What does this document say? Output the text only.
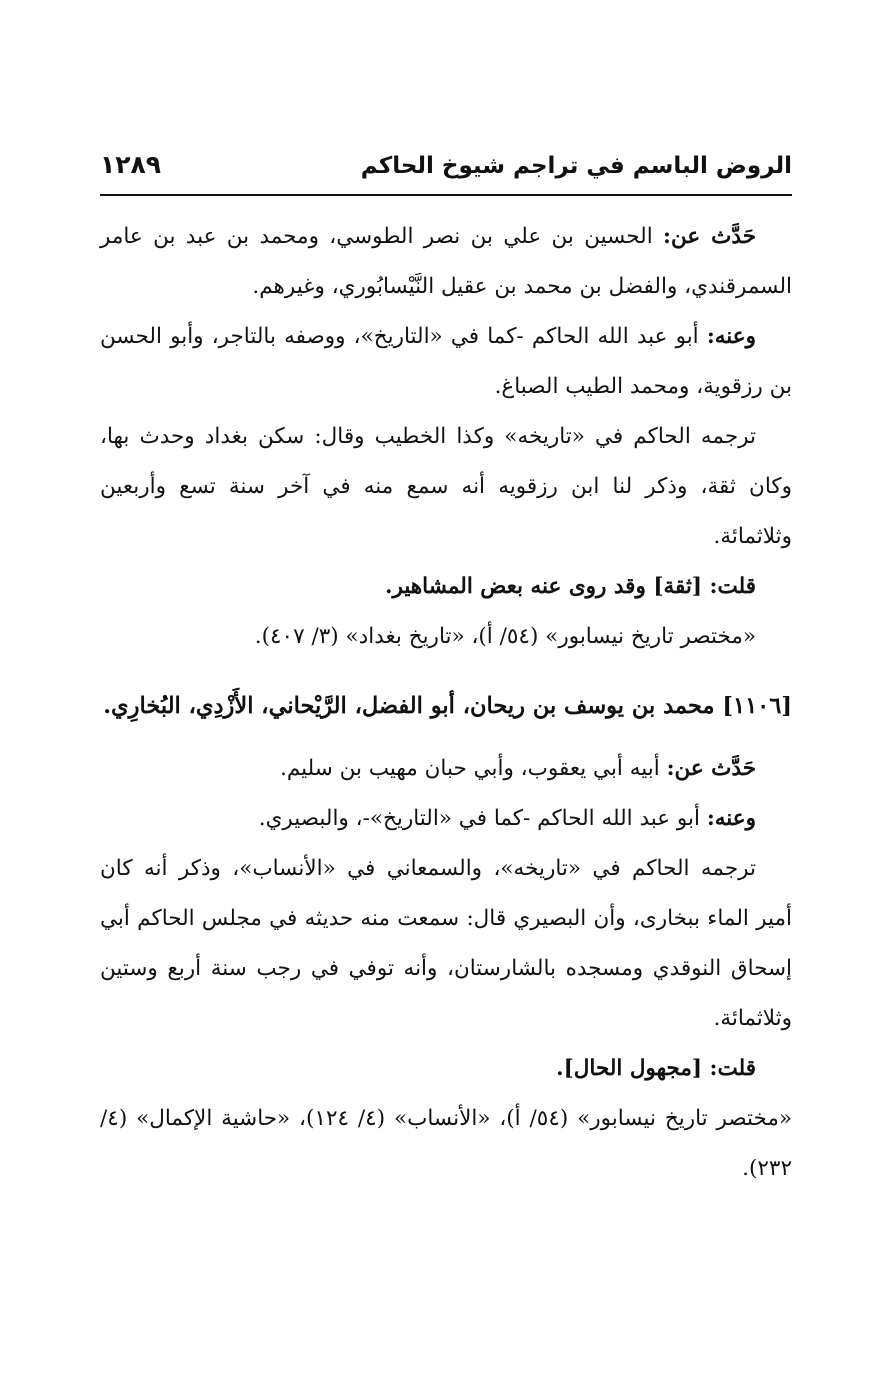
الروض الباسم في تراجم شيوخ الحاكم
١٢٨٩

حَدَّث عن: الحسين بن علي بن نصر الطوسي، ومحمد بن عبد بن عامر السمرقندي، والفضل بن محمد بن عقيل النَّيْسابُوري، وغيرهم.

وعنه: أبو عبد الله الحاكم -كما في «التاريخ»، ووصفه بالتاجر، وأبو الحسن بن رزقوية، ومحمد الطيب الصباغ.

ترجمه الحاكم في «تاريخه» وكذا الخطيب وقال: سكن بغداد وحدث بها، وكان ثقة، وذكر لنا ابن رزقويه أنه سمع منه في آخر سنة تسع وأربعين وثلاثمائة.

قلت: [ثقة] وقد روى عنه بعض المشاهير.

«مختصر تاريخ نيسابور» (٥٤/ أ)، «تاريخ بغداد» (٣/ ٤٠٧).

[١١٠٦] محمد بن يوسف بن ريحان، أبو الفضل، الرَّيْحاني، الأَزْدِي، البُخارِي.

حَدَّث عن: أبيه أبي يعقوب، وأبي حبان مهيب بن سليم.

وعنه: أبو عبد الله الحاكم -كما في «التاريخ»-، والبصيري.

ترجمه الحاكم في «تاريخه»، والسمعاني في «الأنساب»، وذكر أنه كان أمير الماء ببخارى، وأن البصيري قال: سمعت منه حديثه في مجلس الحاكم أبي إسحاق النوقدي ومسجده بالشارستان، وأنه توفي في رجب سنة أربع وستين وثلاثمائة.

قلت: [مجهول الحال].

«مختصر تاريخ نيسابور» (٥٤/ أ)، «الأنساب» (٤/ ١٢٤)، «حاشية الإكمال» (٤/ ٢٣٢).
